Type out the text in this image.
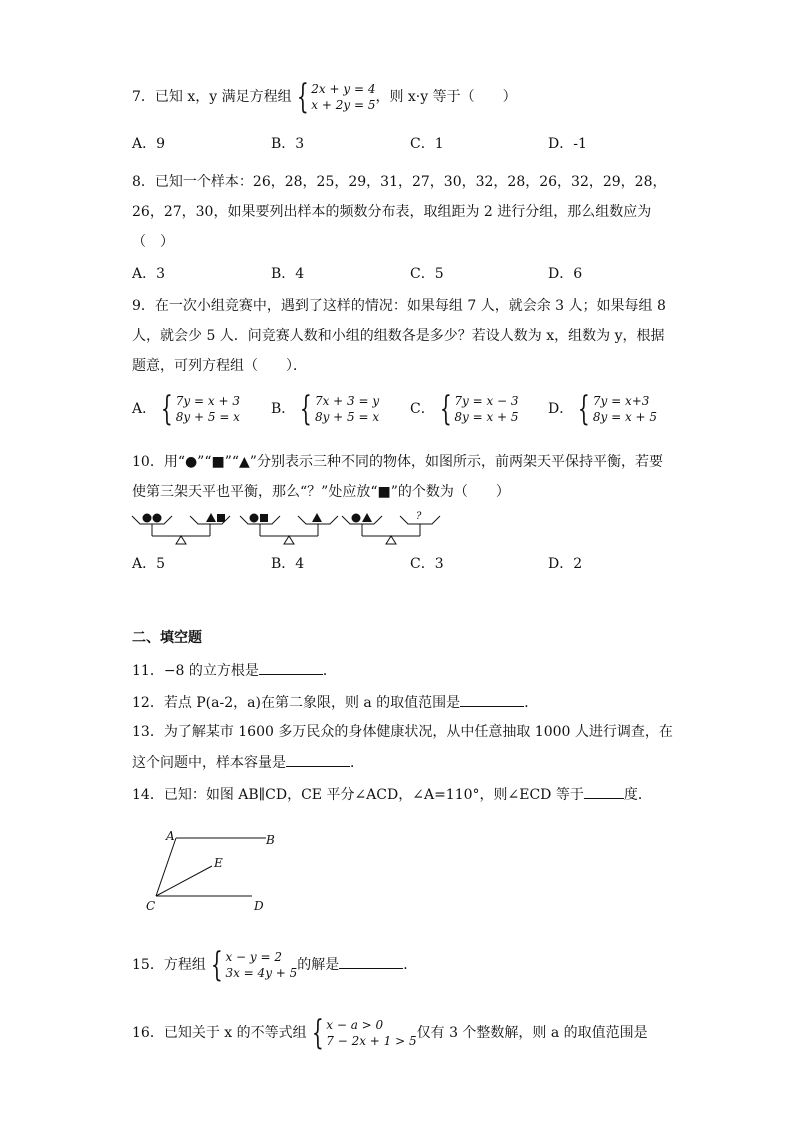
7．已知 x，y 满足方程组 { 2x + y = 4
x + 2y = 5 ，则 x·y 等于（　　）
A．9	B．3	C．1	D．-1
8．已知一个样本：26，28，25，29，31，27，30，32，28，26，32，29，28，
26，27，30，如果要列出样本的频数分布表，取组距为 2 进行分组，那么组数应为
（　）
A．3	B．4	C．5	D．6
9．在一次小组竞赛中，遇到了这样的情况：如果每组 7 人，就会余 3 人；如果每组 8
人，就会少 5 人．问竞赛人数和小组的组数各是多少？若设人数为 x，组数为 y，根据
题意，可列方程组（　　）．
A． { 7y = x + 3
8y + 5 = x B． { 7x + 3 = y
8y + 5 = x C． { 7y = x − 3
8y = x + 5 D． { 7y = x+3
8y = x + 5
10．用“●”“■”“▲”分别表示三种不同的物体，如图所示，前两架天平保持平衡，若要
使第三架天平也平衡，那么“？”处应放“■”的个数为（　　）
?
A．5	B．4	C．3	D．2
二、填空题
11．−8 的立方根是	．
12．若点 P(a-2，a)在第二象限，则 a 的取值范围是	．
13．为了解某市 1600 多万民众的身体健康状况，从中任意抽取 1000 人进行调查，在
这个问题中，样本容量是	．
14．已知：如图 AB∥CD，CE 平分∠ACD，∠A=110°，则∠ECD 等于	度．
A	B
C	D
E
15．方程组 { x − y = 2
3x = 4y + 5 的解是	．
16．已知关于 x 的不等式组 { x − a > 0
7 − 2x + 1 > 5 仅有 3 个整数解，则 a 的取值范围是
